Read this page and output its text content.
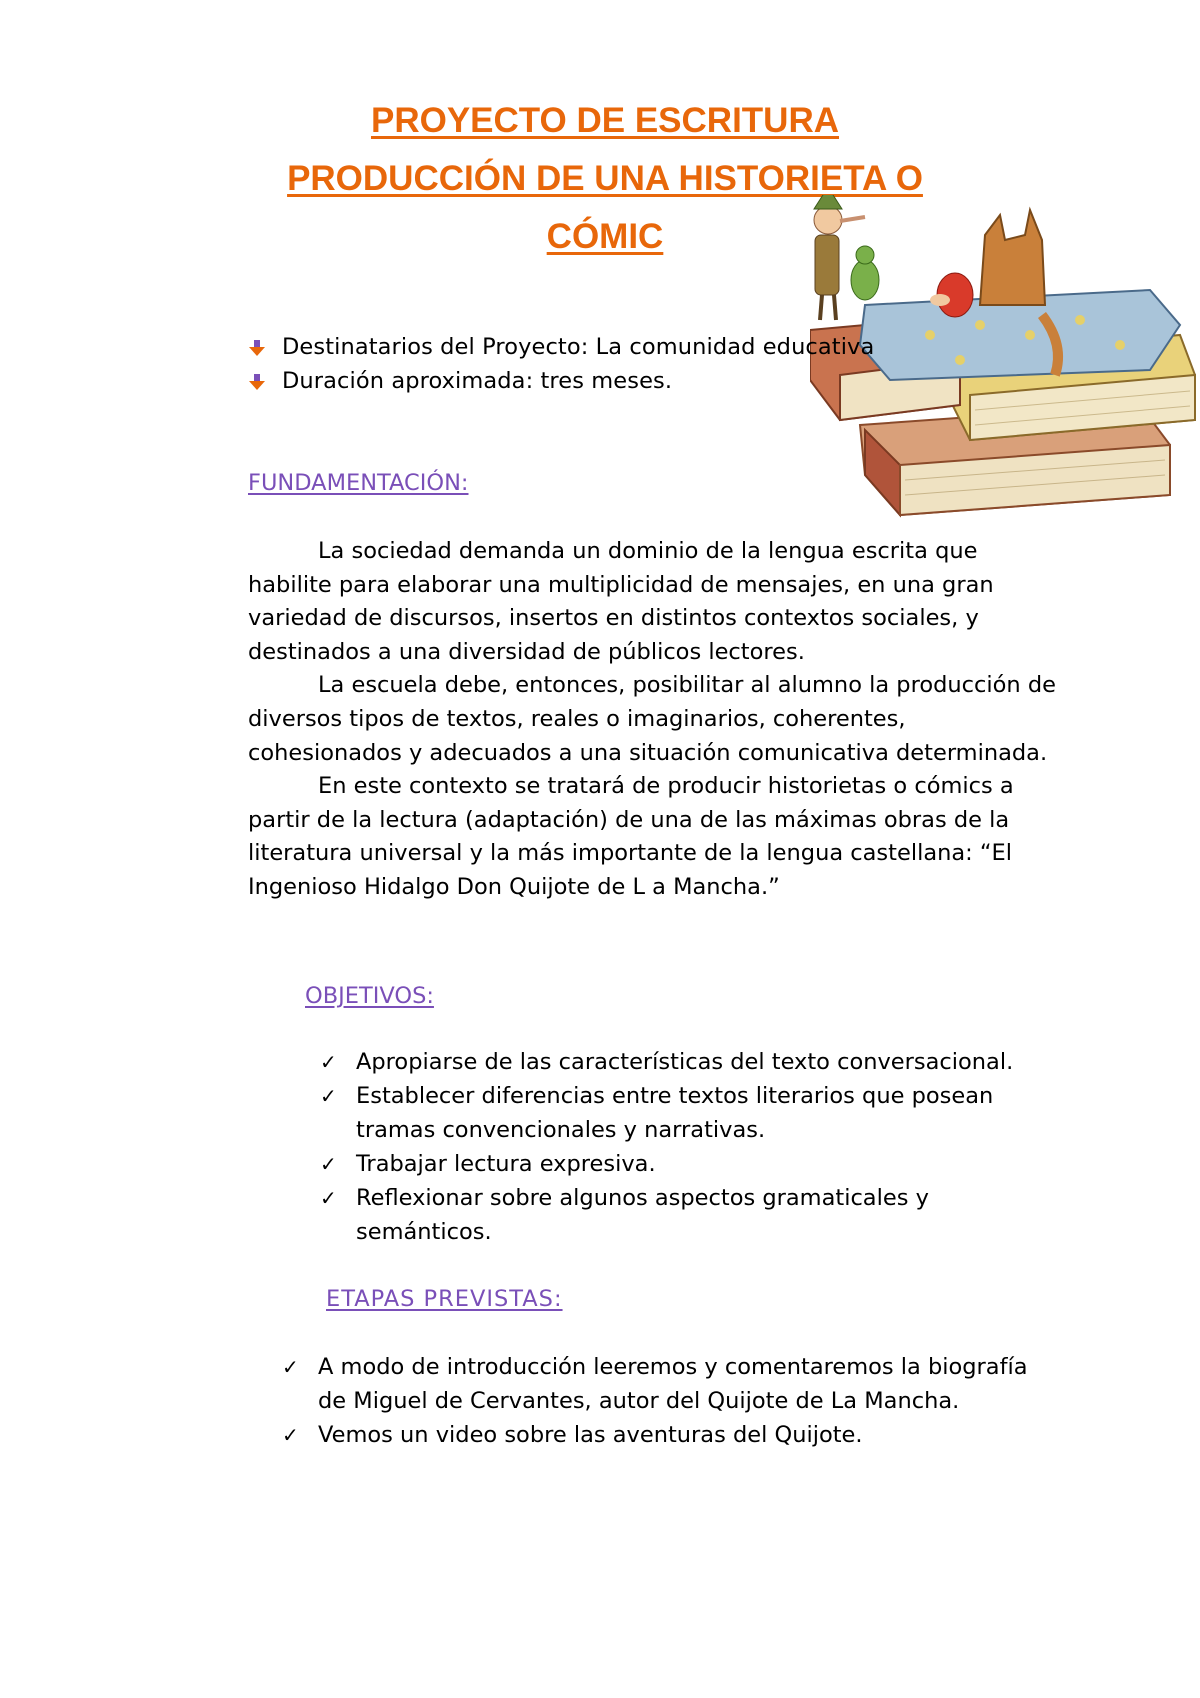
PROYECTO DE ESCRITURA
PRODUCCIÓN DE UNA HISTORIETA O
CÓMIC
Destinatarios del Proyecto: La comunidad educativa
Duración aproximada: tres meses.
FUNDAMENTACIÓN:

La sociedad demanda un dominio de la lengua escrita que habilite para elaborar una multiplicidad de mensajes, en una gran variedad de discursos, insertos en distintos contextos sociales, y destinados a una diversidad de públicos lectores.

La escuela debe, entonces, posibilitar al alumno la producción de diversos tipos de textos, reales o imaginarios, coherentes, cohesionados y adecuados a una situación comunicativa determinada.

En este contexto se tratará de producir historietas o cómics a partir de la lectura (adaptación) de una de las máximas obras de la literatura universal y la más importante de la lengua castellana: “El Ingenioso Hidalgo Don Quijote de L a Mancha.”

OBJETIVOS:
✓ Apropiarse de las características del texto conversacional.
✓ Establecer diferencias entre textos literarios que posean tramas convencionales y narrativas.
✓ Trabajar lectura expresiva.
✓ Reflexionar sobre algunos aspectos gramaticales y semánticos.
ETAPAS PREVISTAS:
✓ A modo de introducción leeremos y comentaremos la biografía de Miguel de Cervantes, autor del Quijote de La Mancha.
✓ Vemos un video sobre las aventuras del Quijote.
